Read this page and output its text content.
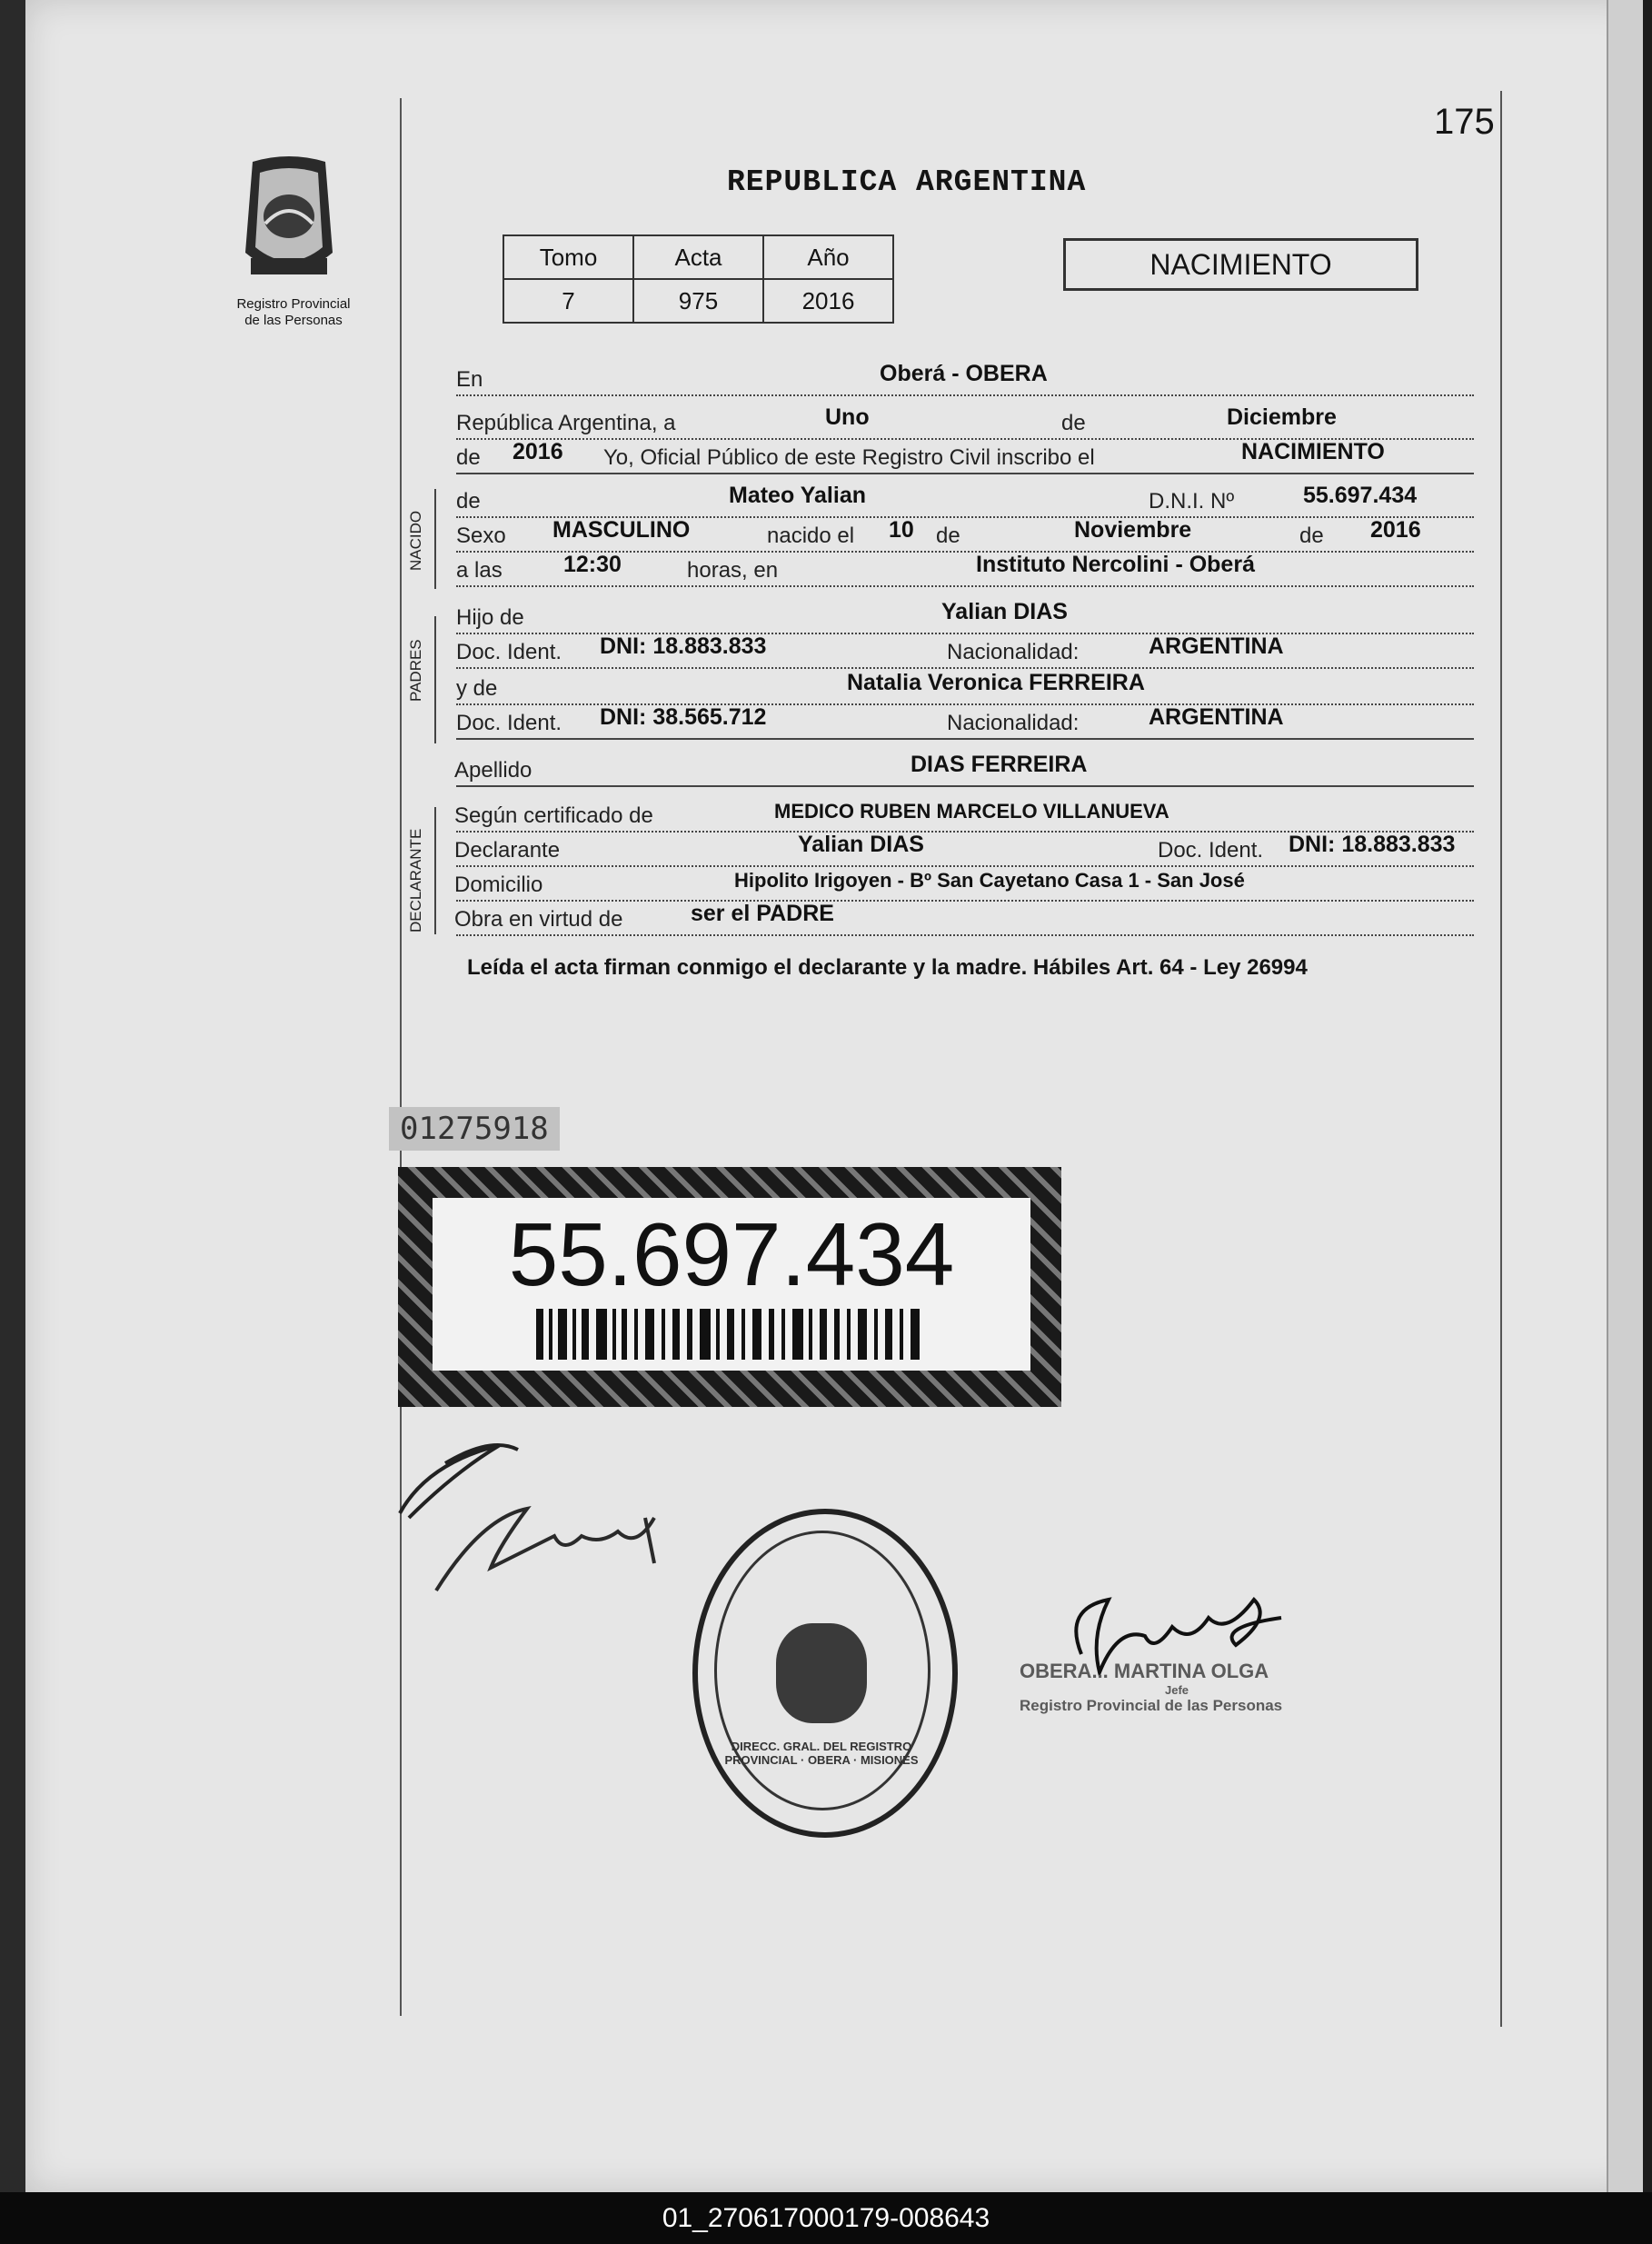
175
Registro Provincial
de las Personas
REPUBLICA ARGENTINA
Tomo	Acta	Año
7	975	2016
NACIMIENTO
En	Oberá - OBERA
República Argentina, a	Uno	de	Diciembre
de 2016 Yo, Oficial Público de este Registro Civil inscribo el	NACIMIENTO
NACIDO
de	Mateo Yalian	D.N.I. Nº	55.697.434
Sexo MASCULINO	nacido el 10 de	Noviembre	de 2016
a las	12:30	horas, en	Instituto Nercolini - Oberá
PADRES
Hijo de	Yalian DIAS
Doc. Ident. DNI: 18.883.833	Nacionalidad:	ARGENTINA
y de	Natalia Veronica FERREIRA
Doc. Ident. DNI: 38.565.712	Nacionalidad:	ARGENTINA
Apellido	DIAS FERREIRA
DECLARANTE
Según certificado de	MEDICO RUBEN MARCELO VILLANUEVA
Declarante	Yalian DIAS	Doc. Ident. DNI: 18.883.833
Domicilio	Hipolito Irigoyen - Bº San Cayetano Casa 1 - San José
Obra en virtud de	ser el PADRE
Leída el acta firman conmigo el declarante y la madre. Hábiles Art. 64 - Ley 26994
01275918
55.697.434
DIRECC. GRAL. DEL REGISTRO PROVINCIAL · OBERA · MISIONES
OBERA... MARTINA OLGA
Jefe
Registro Provincial de las Personas
01_270617000179-008643
